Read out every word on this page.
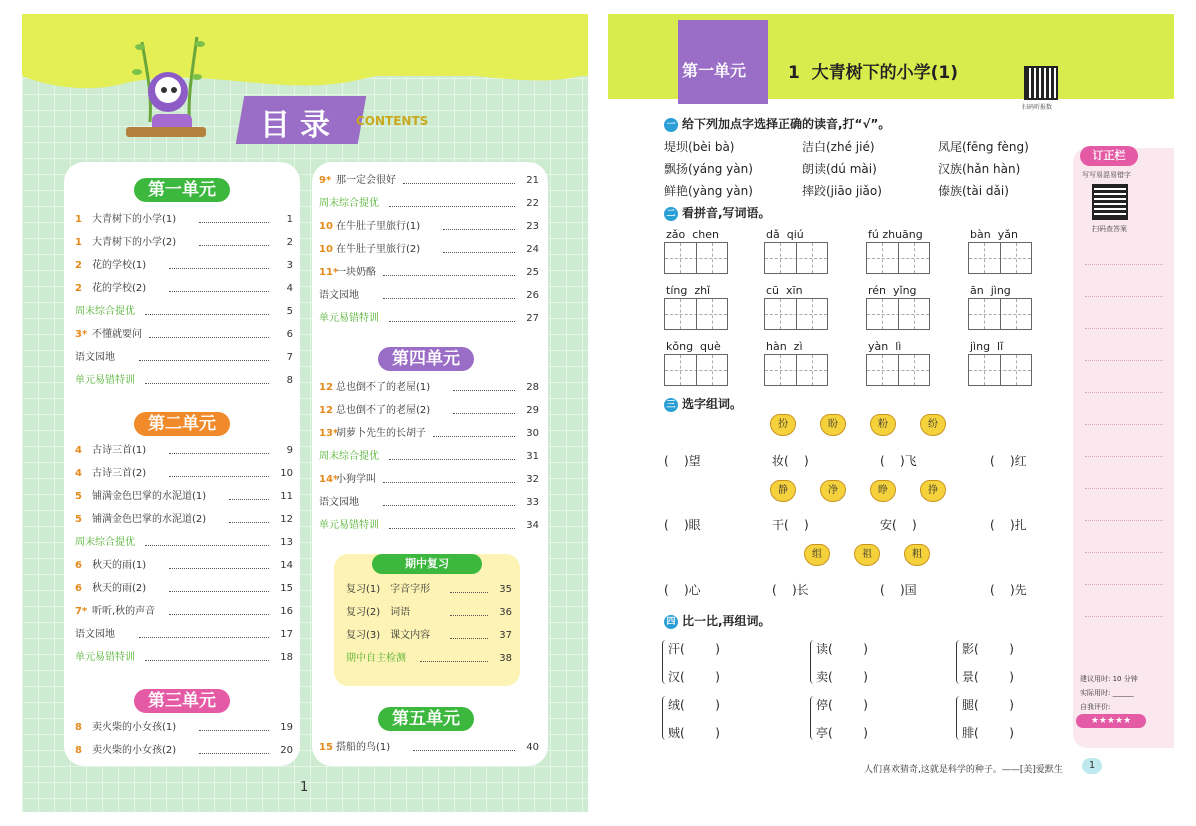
目录 CONTENTS
第一单元
第二单元
第三单元
第四单元
第五单元
1 大青树下的小学(1)	1
1 大青树下的小学(2)	2
2 花的学校(1)	3
2 花的学校(2)	4
周末综合提优	5
3* 不懂就要问	6
语文园地	7
单元易错特训	8
4 古诗三首(1)	9
4 古诗三首(2)	10
5 铺满金色巴掌的水泥道(1)	11
5 铺满金色巴掌的水泥道(2)	12
周末综合提优	13
6 秋天的雨(1)	14
6 秋天的雨(2)	15
7* 听听,秋的声音	16
语文园地	17
单元易错特训	18
8 卖火柴的小女孩(1)	19
8 卖火柴的小女孩(2)	20
9* 那一定会很好	21
周末综合提优	22
10 在牛肚子里旅行(1)	23
10 在牛肚子里旅行(2)	24
11*一块奶酪	25
语文园地	26
单元易错特训	27
12 总也倒不了的老屋(1)	28
12 总也倒不了的老屋(2)	29
13*胡萝卜先生的长胡子	30
周末综合提优	31
14*小狗学叫	32
语文园地	33
单元易错特训	34
15 搭船的鸟(1)	40
期中复习
复习(1) 字音字形	35
复习(2) 词语	36
复习(3) 课文内容	37
期中自主检测	38
1
第一单元 1  大青树下的小学(1)
扫码听报数
订正栏
写写易混易错字
扫码查答案
建议用时: 10 分钟
实际用时: ______
自我评价:
★★★★★
一 给下列加点字选择正确的读音,打“√”。
堤坝(bèi bà)	洁白(zhé jié)	凤尾(fēng fèng)
飘扬(yáng yàn)	朗读(dú mài)	汉族(hǎn hàn)
鲜艳(yàng yàn)	摔跤(jiāo jiǎo)	傣族(tài dǎi)
二 看拼音,写词语。
zǎo  chen	dǎ  qiú	fú zhuāng	bàn  yǎn
tíng  zhǐ	cū  xīn	rén  yǐng	ān  jìng
kǒng  què	hàn  zì	yàn  lì	jìng  lǐ
三 选字组词。
扮	盼	粉	纷
(    )望	妆(    )	(    )飞	(    )红
静	净	睁	挣
(    )眼	干(    )	安(    )	(    )扎
组	祖	粗
(    )心	(    )长	(    )国	(    )先
四 比一比,再组词。
汗(        )
汉(        )
读(        )
卖(        )
影(        )
景(        )
绒(        )
贼(        )
停(        )
亭(        )
腿(        )
腓(        )
人们喜欢猜奇,这就是科学的种子。——[美]爱默生	1
